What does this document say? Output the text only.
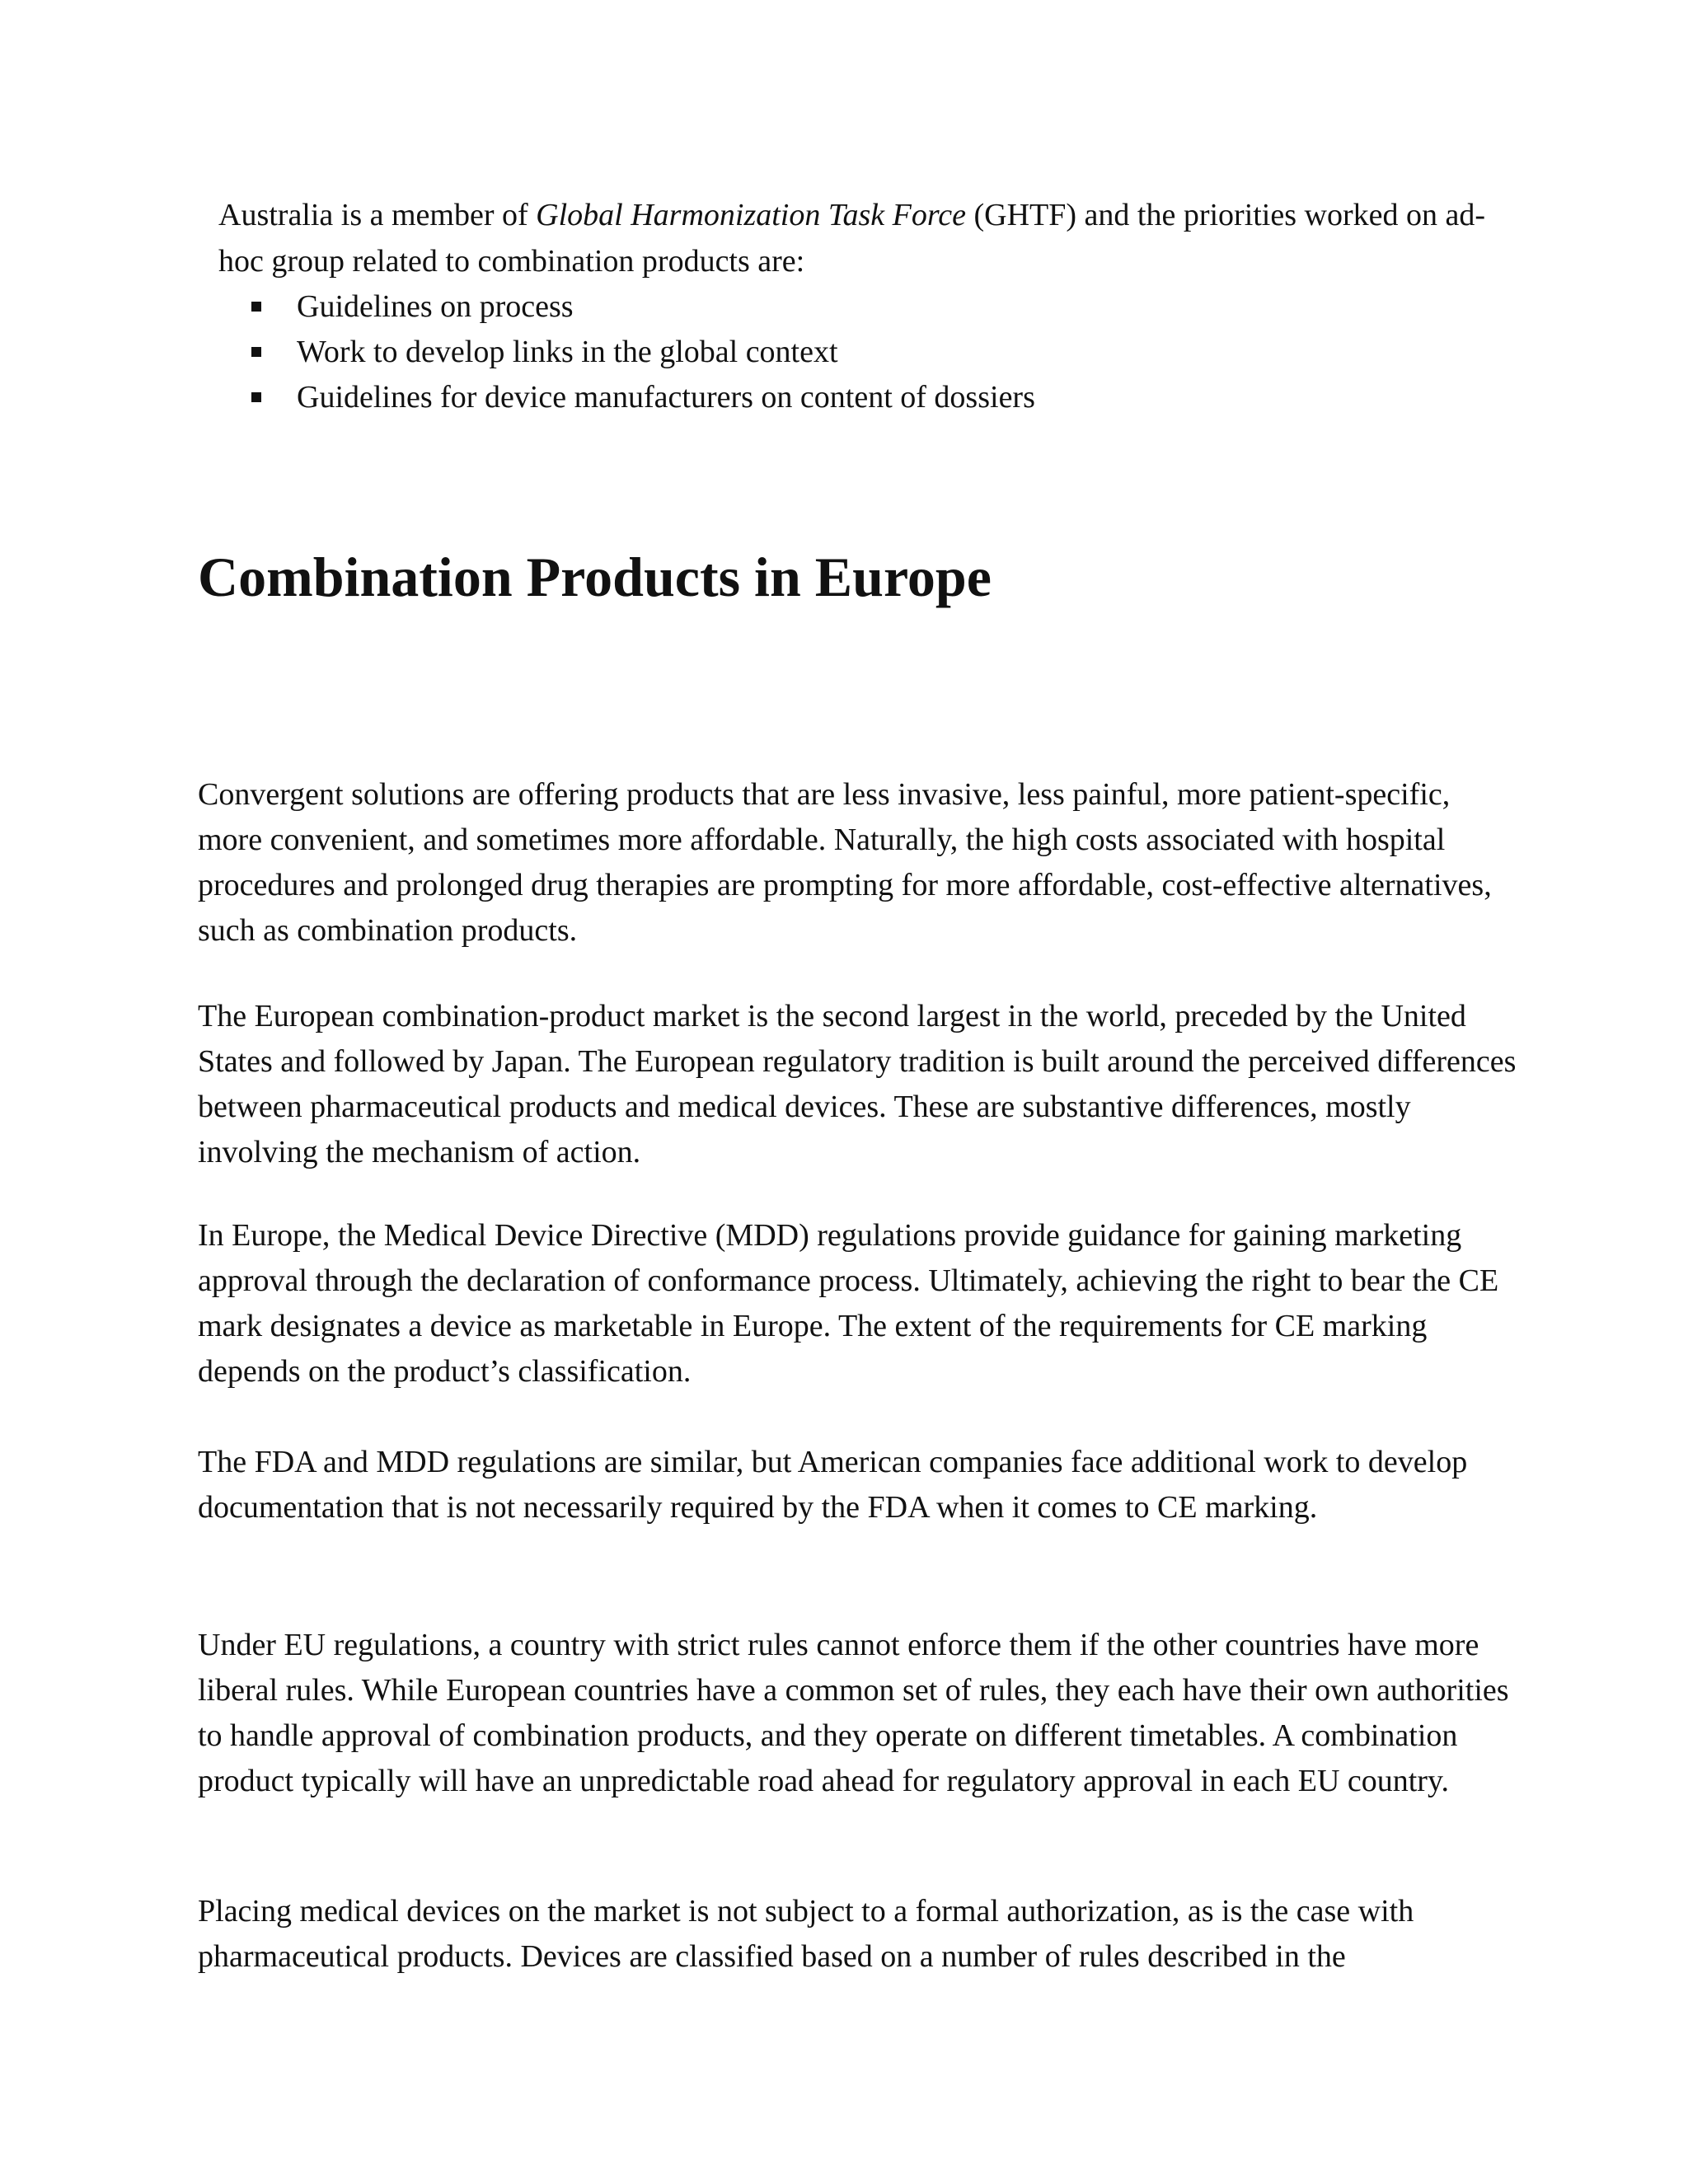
Australia is a member of Global Harmonization Task Force (GHTF) and the priorities worked on ad-hoc group related to combination products are:

Guidelines on process
Work to develop links in the global context
Guidelines for device manufacturers on content of dossiers
Combination Products in Europe

Convergent solutions are offering products that are less invasive, less painful, more patient-specific, more convenient, and sometimes more affordable. Naturally, the high costs associated with hospital procedures and prolonged drug therapies are prompting for more affordable, cost-effective alternatives, such as combination products.

The European combination-product market is the second largest in the world, preceded by the United States and followed by Japan. The European regulatory tradition is built around the perceived differences between pharmaceutical products and medical devices. These are substantive differences, mostly involving the mechanism of action.

In Europe, the Medical Device Directive (MDD) regulations provide guidance for gaining marketing approval through the declaration of conformance process. Ultimately, achieving the right to bear the CE mark designates a device as marketable in Europe. The extent of the requirements for CE marking depends on the product’s classification.

The FDA and MDD regulations are similar, but American companies face additional work to develop documentation that is not necessarily required by the FDA when it comes to CE marking.

Under EU regulations, a country with strict rules cannot enforce them if the other countries have more liberal rules. While European countries have a common set of rules, they each have their own authorities to handle approval of combination products, and they operate on different timetables. A combination product typically will have an unpredictable road ahead for regulatory approval in each EU country.

Placing medical devices on the market is not subject to a formal authorization, as is the case with pharmaceutical products. Devices are classified based on a number of rules described in the
